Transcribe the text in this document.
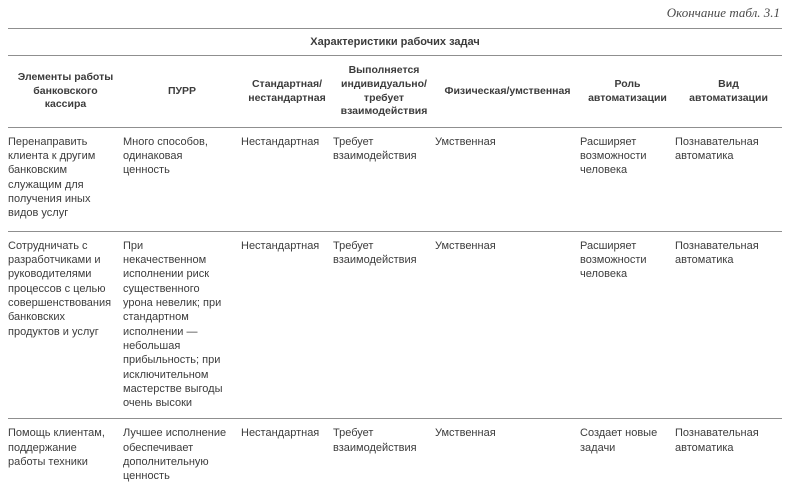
Окончание табл. 3.1
Характеристики рабочих задач						
Элементы работы банковского кассира	ПУРР	Стандартная/ нестандартная	Выполняется индивидуально/ требует взаимодействия	Физическая/умственная	Роль автоматизации	Вид автоматизации
Перенаправить клиента к другим банковским служащим для получения иных видов услуг	Много способов, одинаковая ценность	Нестандартная	Требует взаимодействия	Умственная	Расширяет возможности человека	Познавательная автоматика
Сотрудничать с разработчиками и руководителями процессов с целью совершенствования банковских продуктов и услуг	При некачественном исполнении риск существенного урона невелик; при стандартном исполнении — небольшая прибыльность; при исключительном мастерстве выгоды очень высоки	Нестандартная	Требует взаимодействия	Умственная	Расширяет возможности человека	Познавательная автоматика
Помощь клиентам, поддержание работы техники	Лучшее исполнение обеспечивает дополнительную ценность	Нестандартная	Требует взаимодействия	Умственная	Создает новые задачи	Познавательная автоматика
